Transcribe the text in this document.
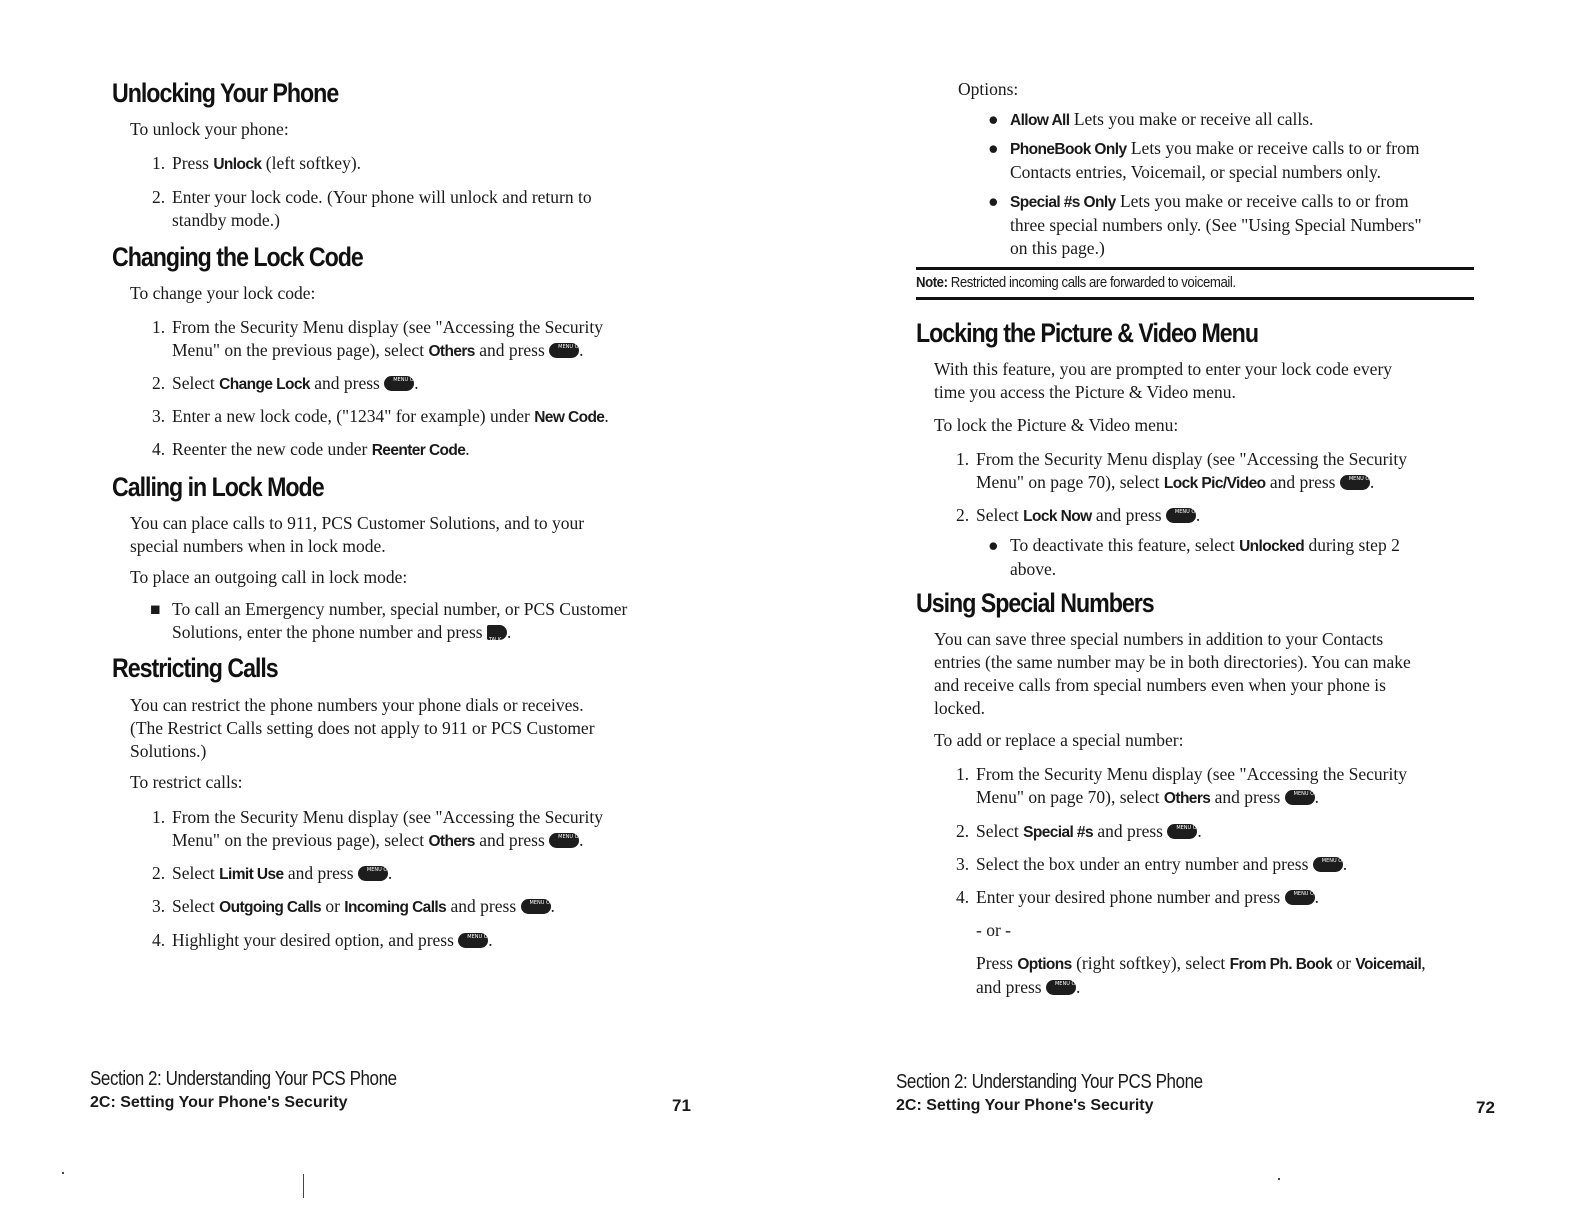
Unlocking Your Phone
To unlock your phone:
1. Press Unlock (left softkey).
2. Enter your lock code. (Your phone will unlock and return to
standby mode.)
Changing the Lock Code
To change your lock code:
1. From the Security Menu display (see "Accessing the Security
Menu" on the previous page), select Others and press MENU OK.
2. Select Change Lock and press MENU OK.
3. Enter a new lock code, ("1234" for example) under New Code.
4. Reenter the new code under Reenter Code.
Calling in Lock Mode
You can place calls to 911, PCS Customer Solutions, and to your
special numbers when in lock mode.
To place an outgoing call in lock mode:
■ To call an Emergency number, special number, or PCS Customer
Solutions, enter the phone number and press TALK.
Restricting Calls
You can restrict the phone numbers your phone dials or receives.
(The Restrict Calls setting does not apply to 911 or PCS Customer
Solutions.)
To restrict calls:
1. From the Security Menu display (see "Accessing the Security
Menu" on the previous page), select Others and press MENU OK.
2. Select Limit Use and press MENU OK.
3. Select Outgoing Calls or Incoming Calls and press MENU OK.
4. Highlight your desired option, and press MENU OK.
Section 2: Understanding Your PCS Phone
2C: Setting Your Phone's Security	71
Options:
● Allow All Lets you make or receive all calls.
● PhoneBook Only Lets you make or receive calls to or from
Contacts entries, Voicemail, or special numbers only.
● Special #s Only Lets you make or receive calls to or from
three special numbers only. (See "Using Special Numbers"
on this page.)
Note: Restricted incoming calls are forwarded to voicemail.
Locking the Picture & Video Menu
With this feature, you are prompted to enter your lock code every
time you access the Picture & Video menu.
To lock the Picture & Video menu:
1. From the Security Menu display (see "Accessing the Security
Menu" on page 70), select Lock Pic/Video and press MENU OK.
2. Select Lock Now and press MENU OK.
● To deactivate this feature, select Unlocked during step 2
above.
Using Special Numbers
You can save three special numbers in addition to your Contacts
entries (the same number may be in both directories). You can make
and receive calls from special numbers even when your phone is
locked.
To add or replace a special number:
1. From the Security Menu display (see "Accessing the Security
Menu" on page 70), select Others and press MENU OK.
2. Select Special #s and press MENU OK.
3. Select the box under an entry number and press MENU OK.
4. Enter your desired phone number and press MENU OK.
- or -
Press Options (right softkey), select From Ph. Book or Voicemail,
and press MENU OK.
Section 2: Understanding Your PCS Phone
2C: Setting Your Phone's Security	72
